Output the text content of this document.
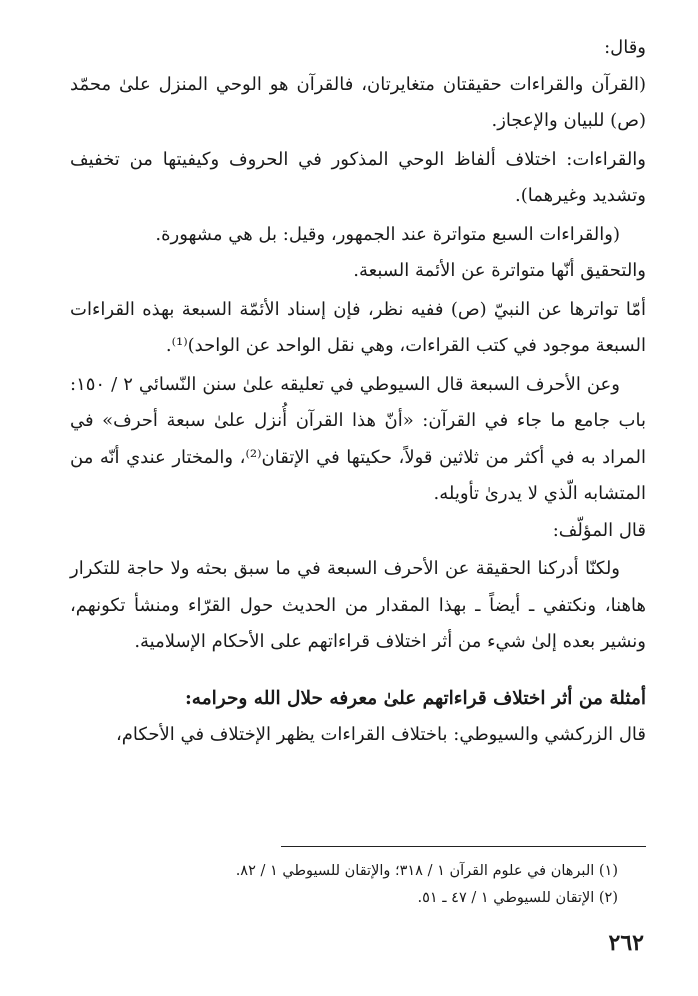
وقال:

(القرآن والقراءات حقيقتان متغايرتان، فالقرآن هو الوحي المنزل علىٰ محمّد (ص) للبيان والإعجاز.

والقراءات: اختلاف ألفاظ الوحي المذكور في الحروف وكيفيتها من تخفيف وتشديد وغيرهما).

(والقراءات السبع متواترة عند الجمهور، وقيل: بل هي مشهورة.

والتحقيق أنّها متواترة عن الأئمة السبعة.

أمّا تواترها عن النبيّ (ص) ففيه نظر، فإن إسناد الأئمّة السبعة بهذه القراءات السبعة موجود في كتب القراءات، وهي نقل الواحد عن الواحد)⁽¹⁾.

وعن الأحرف السبعة قال السيوطي في تعليقه علىٰ سنن النّسائي ٢ / ١٥٠: باب جامع ما جاء في القرآن: «أنّ هذا القرآن أُنزل علىٰ سبعة أحرف» في المراد به في أكثر من ثلاثين قولاً، حكيتها في الإتقان⁽²⁾، والمختار عندي أنّه من المتشابه الّذي لا يدرىٰ تأويله.

قال المؤلّف:

ولكنّا أدركنا الحقيقة عن الأحرف السبعة في ما سبق بحثه ولا حاجة للتكرار هاهنا، ونكتفي ـ أيضاً ـ بهذا المقدار من الحديث حول القرّاء ومنشأ تكونهم، ونشير بعده إلىٰ شيء من أثر اختلاف قراءاتهم على الأحكام الإسلامية.

أمثلة من أثر اختلاف قراءاتهم علىٰ معرفه حلال الله وحرامه:

قال الزركشي والسيوطي: باختلاف القراءات يظهر الإختلاف في الأحكام،

(١) البرهان في علوم القرآن ١ / ٣١٨؛ والإتقان للسيوطي ١ / ٨٢.

(٢) الإتقان للسيوطي ١ / ٤٧ ـ ٥١.

٢٦٢
